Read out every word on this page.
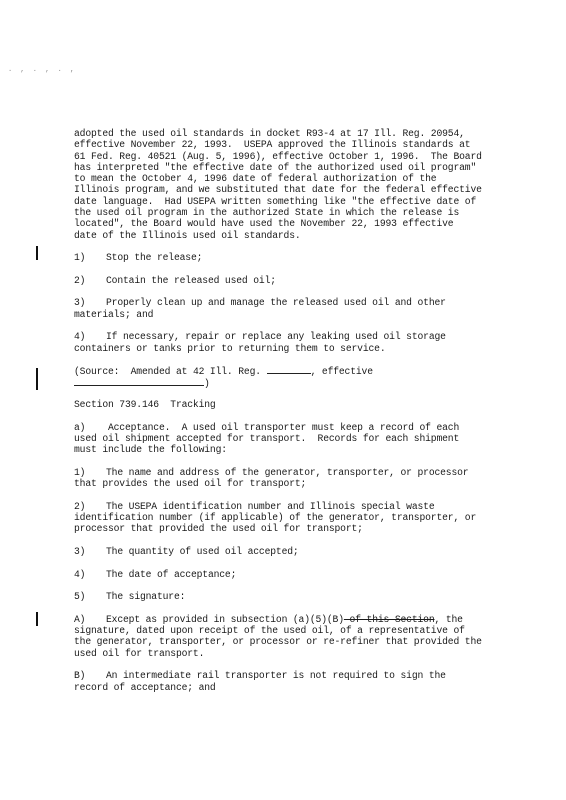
. , . , . ,
adopted the used oil standards in docket R93-4 at 17 Ill. Reg. 20954,
effective November 22, 1993.  USEPA approved the Illinois standards at
61 Fed. Reg. 40521 (Aug. 5, 1996), effective October 1, 1996.  The Board
has interpreted "the effective date of the authorized used oil program"
to mean the October 4, 1996 date of federal authorization of the
Illinois program, and we substituted that date for the federal effective
date language.  Had USEPA written something like "the effective date of
the used oil program in the authorized State in which the release is
located", the Board would have used the November 22, 1993 effective
date of the Illinois used oil standards.
1) Stop the release;
2) Contain the released used oil;
3) Properly clean up and manage the released used oil and other
materials; and
4) If necessary, repair or replace any leaking used oil storage
containers or tanks prior to returning them to service.
(Source:  Amended at 42 Ill. Reg.	, effective
)
Section 739.146  Tracking
a)    Acceptance.  A used oil transporter must keep a record of each
used oil shipment accepted for transport.  Records for each shipment
must include the following:
1) The name and address of the generator, transporter, or processor
that provides the used oil for transport;
2) The USEPA identification number and Illinois special waste
identification number (if applicable) of the generator, transporter, or
processor that provided the used oil for transport;
3) The quantity of used oil accepted;
4) The date of acceptance;
5) The signature:
A) Except as provided in subsection (a)(5)(B) of this Section, the
signature, dated upon receipt of the used oil, of a representative of
the generator, transporter, or processor or re-refiner that provided the
used oil for transport.
B) An intermediate rail transporter is not required to sign the
record of acceptance; and
